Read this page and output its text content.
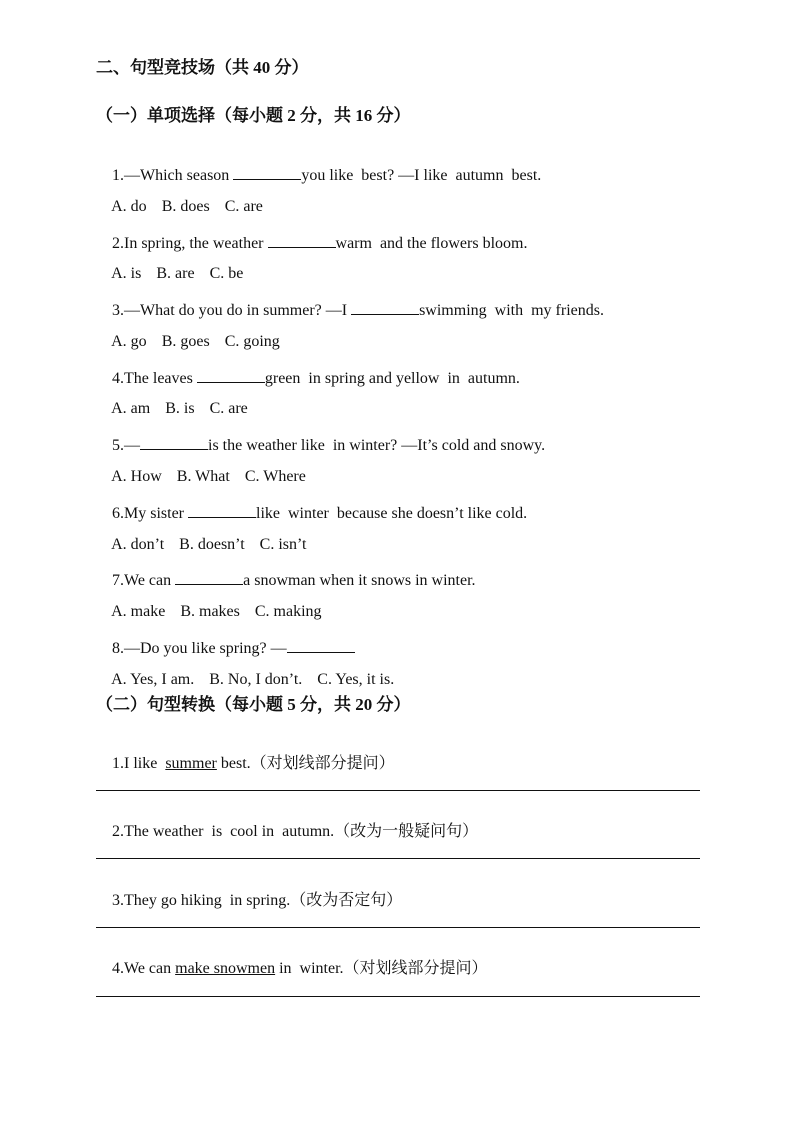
二、句型竞技场（共 40 分）
（一）单项选择（每小题 2 分，共 16 分）

1.—Which season	you like  best? —I like  autumn  best.

A. do B. does C. are

2.In spring, the weather	warm  and the flowers bloom.

A. is B. are C. be

3.—What do you do in summer? —I	swimming  with  my friends.

A. go B. goes C. going

4.The leaves	green  in spring and yellow  in  autumn.

A. am B. is C. are

5.—	is the weather like  in winter? —It’s cold and snowy.

A. How B. What C. Where

6.My sister	like  winter  because she doesn’t like cold.

A. don’t B. doesn’t C. isn’t

7.We can	a snowman when it snows in winter.

A. make B. makes C. making

8.—Do you like spring? —

A. Yes, I am. B. No, I don’t. C. Yes, it is.

（二）句型转换（每小题 5 分，共 20 分）

1.I like  summer best.（对划线部分提问）

2.The weather  is  cool in  autumn.（改为一般疑问句）

3.They go hiking  in spring.（改为否定句）

4.We can make snowmen in  winter.（对划线部分提问）
